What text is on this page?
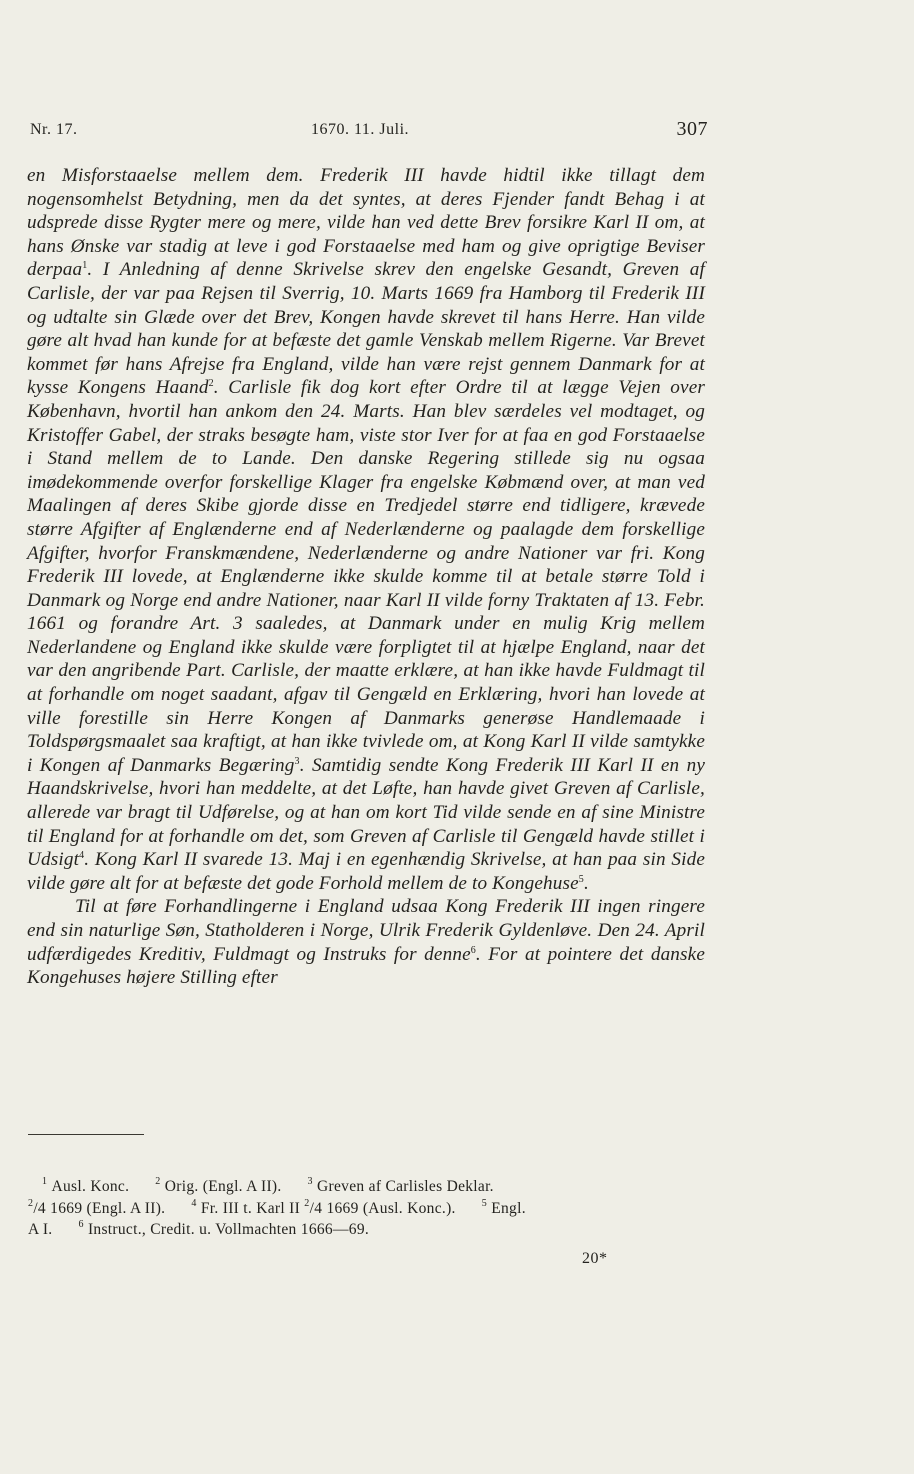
Nr. 17.	1670. 11. Juli.	307

en Misforstaaelse mellem dem. Frederik III havde hidtil ikke tillagt dem nogensomhelst Betydning, men da det syntes, at deres Fjender fandt Behag i at udsprede disse Rygter mere og mere, vilde han ved dette Brev forsikre Karl II om, at hans Ønske var stadig at leve i god Forstaaelse med ham og give oprigtige Beviser derpaa$^1$. I Anledning af denne Skrivelse skrev den engelske Gesandt, Greven af Carlisle, der var paa Rejsen til Sverrig, 10. Marts 1669 fra Hamborg til Frederik III og udtalte sin Glæde over det Brev, Kongen havde skrevet til hans Herre. Han vilde gøre alt hvad han kunde for at befæste det gamle Venskab mellem Rigerne. Var Brevet kommet før hans Afrejse fra England, vilde han være rejst gennem Danmark for at kysse Kongens Haand$^2$. Carlisle fik dog kort efter Ordre til at lægge Vejen over København, hvortil han ankom den 24. Marts. Han blev særdeles vel modtaget, og Kristoffer Gabel, der straks besøgte ham, viste stor Iver for at faa en god Forstaaelse i Stand mellem de to Lande. Den danske Regering stillede sig nu ogsaa imødekommende overfor forskellige Klager fra engelske Købmænd over, at man ved Maalingen af deres Skibe gjorde disse en Tredjedel større end tidligere, krævede større Afgifter af Englænderne end af Nederlænderne og paalagde dem forskellige Afgifter, hvorfor Franskmændene, Nederlænderne og andre Nationer var fri. Kong Frederik III lovede, at Englænderne ikke skulde komme til at betale større Told i Danmark og Norge end andre Nationer, naar Karl II vilde forny Traktaten af 13. Febr. 1661 og forandre Art. 3 saaledes, at Danmark under en mulig Krig mellem Nederlandene og England ikke skulde være forpligtet til at hjælpe England, naar det var den angribende Part. Carlisle, der maatte erklære, at han ikke havde Fuldmagt til at forhandle om noget saadant, afgav til Gengæld en Erklæring, hvori han lovede at ville forestille sin Herre Kongen af Danmarks generøse Handlemaade i Toldspørgsmaalet saa kraftigt, at han ikke tvivlede om, at Kong Karl II vilde samtykke i Kongen af Danmarks Begæring$^3$. Samtidig sendte Kong Frederik III Karl II en ny Haandskrivelse, hvori han meddelte, at det Løfte, han havde givet Greven af Carlisle, allerede var bragt til Udførelse, og at han om kort Tid vilde sende en af sine Ministre til England for at forhandle om det, som Greven af Carlisle til Gengæld havde stillet i Udsigt$^4$. Kong Karl II svarede 13. Maj i en egenhændig Skrivelse, at han paa sin Side vilde gøre alt for at befæste det gode Forhold mellem de to Kongehuse$^5$.

Til at føre Forhandlingerne i England udsaa Kong Frederik III ingen ringere end sin naturlige Søn, Statholderen i Norge, Ulrik Frederik Gyldenløve. Den 24. April udfærdigedes Kreditiv, Fuldmagt og Instruks for denne$^6$. For at pointere det danske Kongehuses højere Stilling efter

$^1$ Ausl. Konc.	$^2$ Orig. (Engl. A II).	$^3$ Greven af Carlisles Deklar.

$^2$/4 1669 (Engl. A II).	$^4$ Fr. III t. Karl II $^2$/4 1669 (Ausl. Konc.).	$^5$ Engl.

A I.	$^6$ Instruct., Credit. u. Vollmachten 1666—69.

20*
